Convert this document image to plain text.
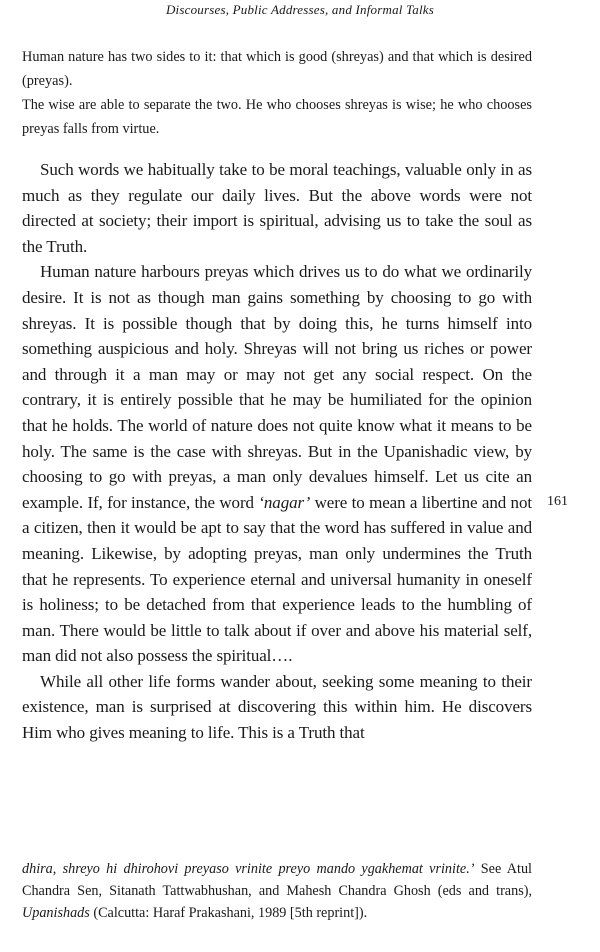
Discourses, Public Addresses, and Informal Talks

Human nature has two sides to it: that which is good (shreyas) and that which is desired (preyas).

The wise are able to separate the two. He who chooses shreyas is wise; he who chooses preyas falls from virtue.

Such words we habitually take to be moral teachings, valuable only in as much as they regulate our daily lives. But the above words were not directed at society; their import is spiritual, advising us to take the soul as the Truth.

Human nature harbours preyas which drives us to do what we ordinarily desire. It is not as though man gains something by choosing to go with shreyas. It is possible though that by doing this, he turns himself into something auspicious and holy. Shreyas will not bring us riches or power and through it a man may or may not get any social respect. On the contrary, it is entirely possible that he may be humiliated for the opinion that he holds. The world of nature does not quite know what it means to be holy. The same is the case with shreyas. But in the Upanishadic view, by choosing to go with preyas, a man only devalues himself. Let us cite an example. If, for instance, the word ‘nagar’ were to mean a libertine and not a citizen, then it would be apt to say that the word has suffered in value and meaning. Likewise, by adopting preyas, man only undermines the Truth that he represents. To experience eternal and universal humanity in oneself is holiness; to be detached from that experience leads to the humbling of man. There would be little to talk about if over and above his material self, man did not also possess the spiritual….

While all other life forms wander about, seeking some meaning to their existence, man is surprised at discovering this within him. He discovers Him who gives meaning to life. This is a Truth that

161

dhira, shreyo hi dhirohovi preyaso vrinite preyo mando ygakhemat vrinite.’ See Atul Chandra Sen, Sitanath Tattwabhushan, and Mahesh Chandra Ghosh (eds and trans), Upanishads (Calcutta: Haraf Prakashani, 1989 [5th reprint]).
